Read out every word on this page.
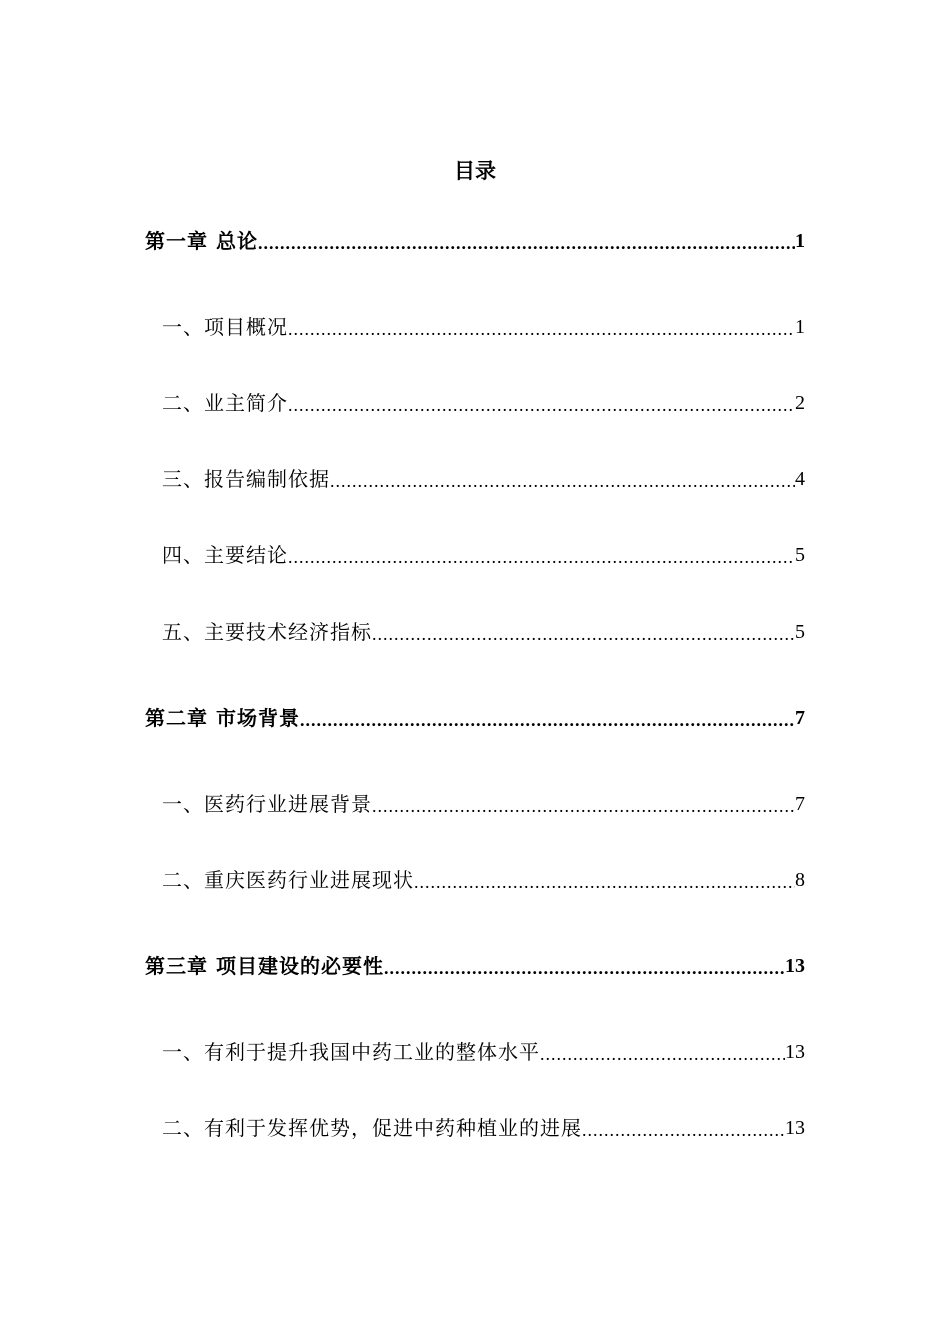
目录
第一章 总论 .....	1
一、项目概况 .....	1
二、业主简介 .....	2
三、报告编制依据 .....	4
四、主要结论 .....	5
五、主要技术经济指标 .....	5
第二章 市场背景 .....	7
一、医药行业进展背景 .....	7
二、重庆医药行业进展现状 .....	8
第三章 项目建设的必要性 .....	13
一、有利于提升我国中药工业的整体水平 .....	13
二、有利于发挥优势，促进中药种植业的进展 .....	13
